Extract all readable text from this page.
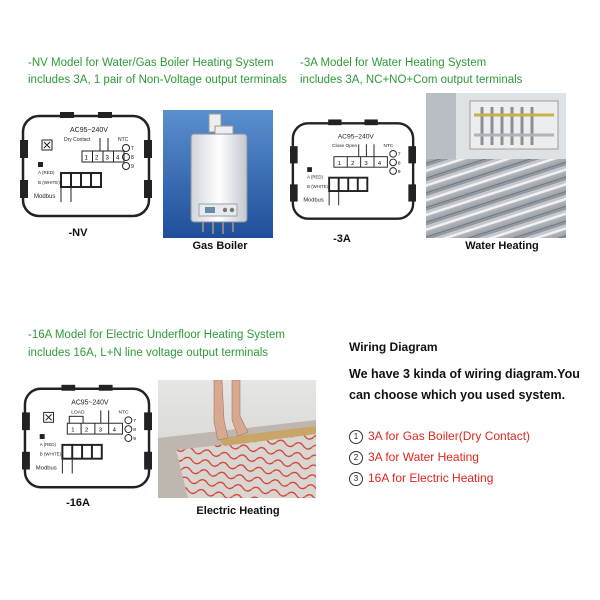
-NV Model for Water/Gas Boiler Heating System
includes 3A, 1 pair of Non-Voltage output terminals
AC95~240V
Dry Contact	NTC
1 2 3 4
7
8
9
A (RED)
B (WHITE)
Modbus
-NV
Gas Boiler
-3A Model for Water Heating System
includes 3A, NC+NO+Com output terminals
AC95~240V
Close Open	NTC
1 2 3 4
7
8
9
A (RED)
B (WHITE)
Modbus
-3A
Water Heating
-16A Model for Electric Underfloor Heating System
includes 16A, L+N line voltage output terminals
AC95~240V
LOAD	NTC
1 2 3 4
7
8
9
A (RED)
B (WHITE)
Modbus
-16A
Electric Heating
Wiring Diagram
We have 3 kinda of wiring diagram.You
can choose which you used system.
1 3A for Gas Boiler(Dry Contact)
2 3A for Water Heating
3 16A for Electric Heating
